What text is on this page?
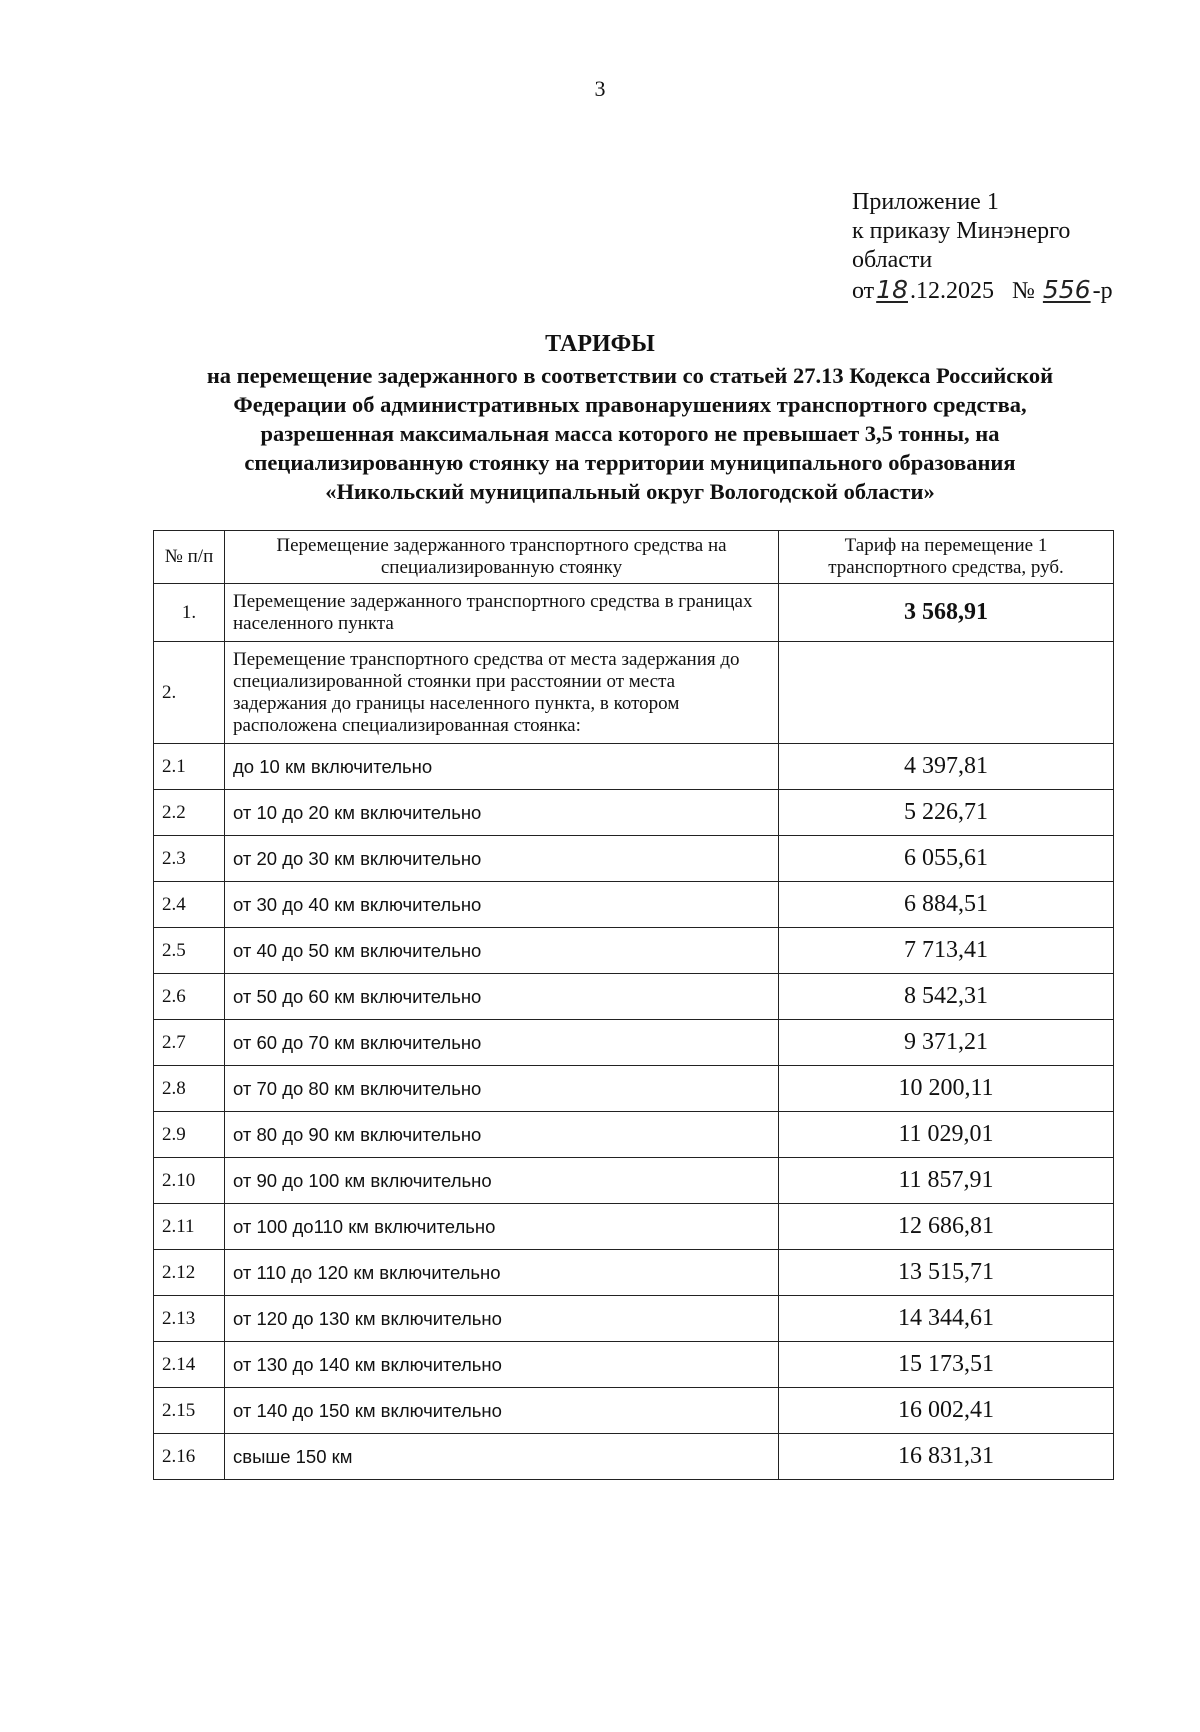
3
Приложение 1
к приказу Минэнерго
области
от18.12.2025 № 556-р
ТАРИФЫ
на перемещение задержанного в соответствии со статьей 27.13 Кодекса Российской
Федерации об административных правонарушениях транспортного средства,
разрешенная максимальная масса которого не превышает 3,5 тонны, на
специализированную стоянку на территории муниципального образования
«Никольский муниципальный округ Вологодской области»
№ п/п	Перемещение задержанного транспортного средства на специализированную стоянку	Тариф на перемещение 1 транспортного средства, руб.
1.	Перемещение задержанного транспортного средства в границах населенного пункта	3 568,91
2.	Перемещение транспортного средства от места задержания до специализированной стоянки при расстоянии от места задержания до границы населенного пункта, в котором расположена специализированная стоянка:	
2.1	до 10 км включительно	4 397,81
2.2	от 10 до 20 км включительно	5 226,71
2.3	от 20 до 30 км включительно	6 055,61
2.4	от 30 до 40 км включительно	6 884,51
2.5	от 40 до 50 км включительно	7 713,41
2.6	от 50 до 60 км включительно	8 542,31
2.7	от 60 до 70 км включительно	9 371,21
2.8	от 70 до 80 км включительно	10 200,11
2.9	от 80 до 90 км включительно	11 029,01
2.10	от 90 до 100 км включительно	11 857,91
2.11	от 100 до110 км включительно	12 686,81
2.12	от 110 до 120 км включительно	13 515,71
2.13	от 120 до 130 км включительно	14 344,61
2.14	от 130 до 140 км включительно	15 173,51
2.15	от 140 до 150 км включительно	16 002,41
2.16	свыше 150 км	16 831,31
